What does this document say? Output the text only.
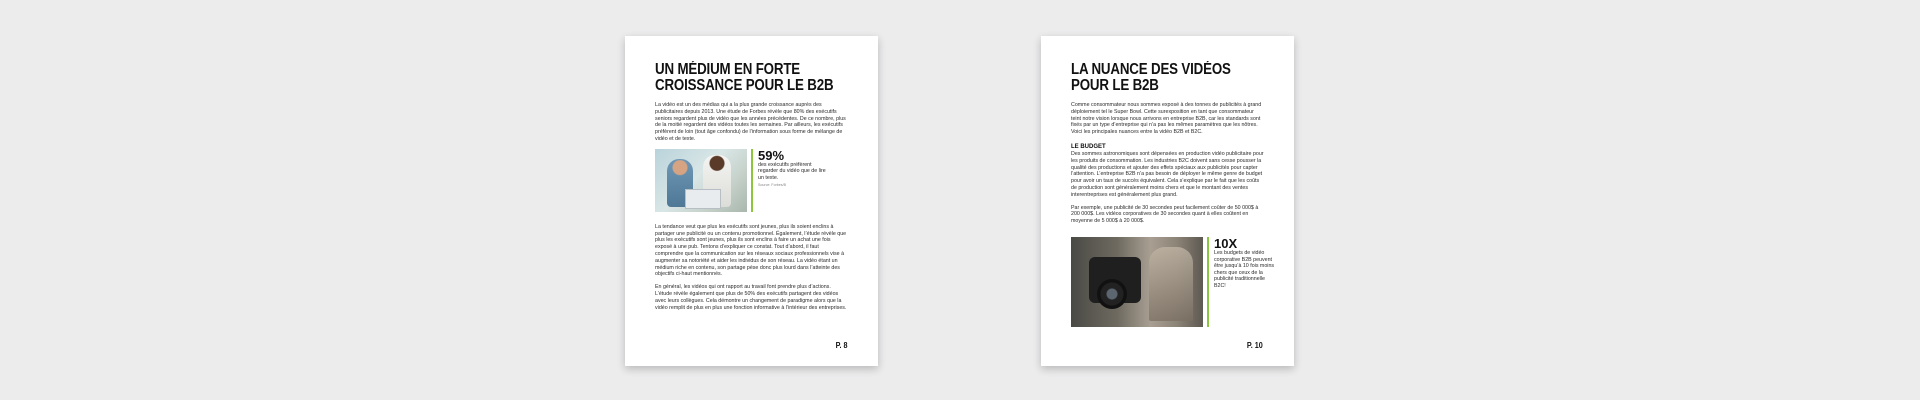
UN MÉDIUM EN FORTE
CROISSANCE POUR LE B2B

La vidéo est un des médias qui a la plus grande croissance auprès des publicitaires depuis 2013. Une étude de Forbes révèle que 80% des exécutifs seniors regardent plus de vidéo que les années précédentes. De ce nombre, plus de la moitié regardent des vidéos toutes les semaines. Par ailleurs, les exécutifs préfèrent de loin (tout âge confondu) de l’information sous forme de mélange de vidéo et de texte.

59%
des exécutifs préfèrent regarder du vidéo que de lire un texte.
Source: Forbes/B

La tendance veut que plus les exécutifs sont jeunes, plus ils soient enclins à partager une publicité ou un contenu promotionnel. Également, l’étude révèle que plus les exécutifs sont jeunes, plus ils sont enclins à faire un achat une fois exposé à une pub. Tentons d’expliquer ce constat. Tout d’abord, il faut comprendre que la communication sur les réseaux sociaux professionnels vise à augmenter sa notoriété et aider les individus de son réseau. La vidéo étant un médium riche en contenu, son partage pèse donc plus lourd dans l’atteinte des objectifs ci-haut mentionnés.

En général, les vidéos qui ont rapport au travail font prendre plus d’actions. L’étude révèle également que plus de 50% des exécutifs partagent des vidéos avec leurs collègues. Cela démontre un changement de paradigme alors que la vidéo remplit de plus en plus une fonction informative à l’intérieur des entreprises.

P. 8
LA NUANCE DES VIDÉOS
POUR LE B2B

Comme consommateur nous sommes exposé à des tonnes de publicités à grand déploiement tel le Super Bowl. Cette surexposition en tant que consommateur teint notre vision lorsque nous arrivons en entreprise B2B, car les standards sont fixés par un type d’entreprise qui n’a pas les mêmes paramètres que les nôtres. Voici les principales nuances entre la vidéo B2B et B2C.

LE BUDGET

Des sommes astronomiques sont dépensées en production vidéo publicitaire pour les produits de consommation. Les industries B2C doivent sans cesse pousser la qualité des productions et ajouter des effets spéciaux aux publicités pour capter l’attention. L’entreprise B2B n’a pas besoin de déployer le même genre de budget pour avoir un taux de succès équivalent. Cela s’explique par le fait que les coûts de production sont généralement moins chers et que le montant des ventes interentreprises est généralement plus grand.

Par exemple, une publicité de 30 secondes peut facilement coûter de 50 000$ à 200 000$. Les vidéos corporatives de 30 secondes quant à elles coûtent en moyenne de 5 000$ à 20 000$.

10X
Les budgets de vidéo corporative B2B peuvent être jusqu’à 10 fois moins chers que ceux de la publicité traditionnelle B2C!
P. 10
